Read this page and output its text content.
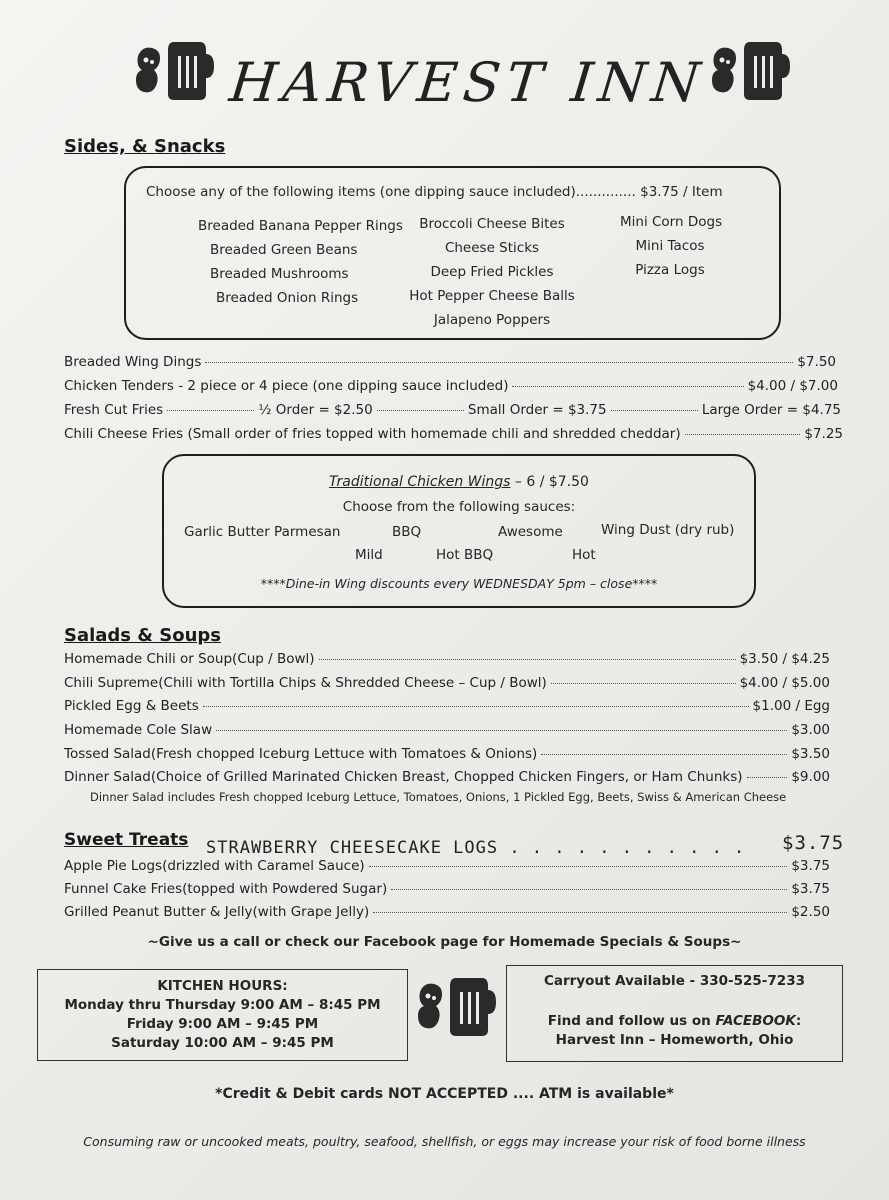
HARVEST INN
Sides, & Snacks
Choose any of the following items (one dipping sauce included).............. $3.75 / Item
Breaded Banana Pepper Rings
Breaded Green Beans
Breaded Mushrooms
Breaded Onion Rings
Broccoli Cheese Bites
Cheese Sticks
Deep Fried Pickles
Hot Pepper Cheese Balls
Jalapeno Poppers
Mini Corn Dogs
Mini Tacos
Pizza Logs
Breaded Wing Dings	$7.50
Chicken Tenders - 2 piece or 4 piece (one dipping sauce included)	$4.00 / $7.00
Fresh Cut Fries	½ Order = $2.50	Small Order = $3.75	Large Order = $4.75
Chili Cheese Fries (Small order of fries topped with homemade chili and shredded cheddar)	$7.25
Traditional Chicken Wings – 6 / $7.50
Choose from the following sauces:
Garlic Butter Parmesan	BBQ	Awesome	Wing Dust (dry rub)
Mild	Hot BBQ	Hot
****Dine-in Wing discounts every WEDNESDAY 5pm – close****
Salads & Soups
Homemade Chili or Soup (Cup / Bowl)	$3.50 / $4.25
Chili Supreme (Chili with Tortilla Chips & Shredded Cheese – Cup / Bowl)	$4.00 / $5.00
Pickled Egg & Beets	$1.00 / Egg
Homemade Cole Slaw	$3.00
Tossed Salad (Fresh chopped Iceburg Lettuce with Tomatoes & Onions)	$3.50
Dinner Salad (Choice of Grilled Marinated Chicken Breast, Chopped Chicken Fingers, or Ham Chunks)	$9.00
Dinner Salad includes Fresh chopped Iceburg Lettuce, Tomatoes, Onions, 1 Pickled Egg, Beets, Swiss & American Cheese
Sweet Treats STRAWBERRY CHEESECAKE LOGS . . . . . . . . . . . $3.75
Apple Pie Logs (drizzled with Caramel Sauce)	$3.75
Funnel Cake Fries (topped with Powdered Sugar)	$3.75
Grilled Peanut Butter & Jelly (with Grape Jelly)	$2.50
~Give us a call or check our Facebook page for Homemade Specials & Soups~
KITCHEN HOURS:
Monday thru Thursday 9:00 AM – 8:45 PM
Friday 9:00 AM – 9:45 PM
Saturday 10:00 AM – 9:45 PM
Carryout Available - 330-525-7233
Find and follow us on FACEBOOK:
Harvest Inn – Homeworth, Ohio
*Credit & Debit cards NOT ACCEPTED .... ATM is available*
Consuming raw or uncooked meats, poultry, seafood, shellfish, or eggs may increase your risk of food borne illness
